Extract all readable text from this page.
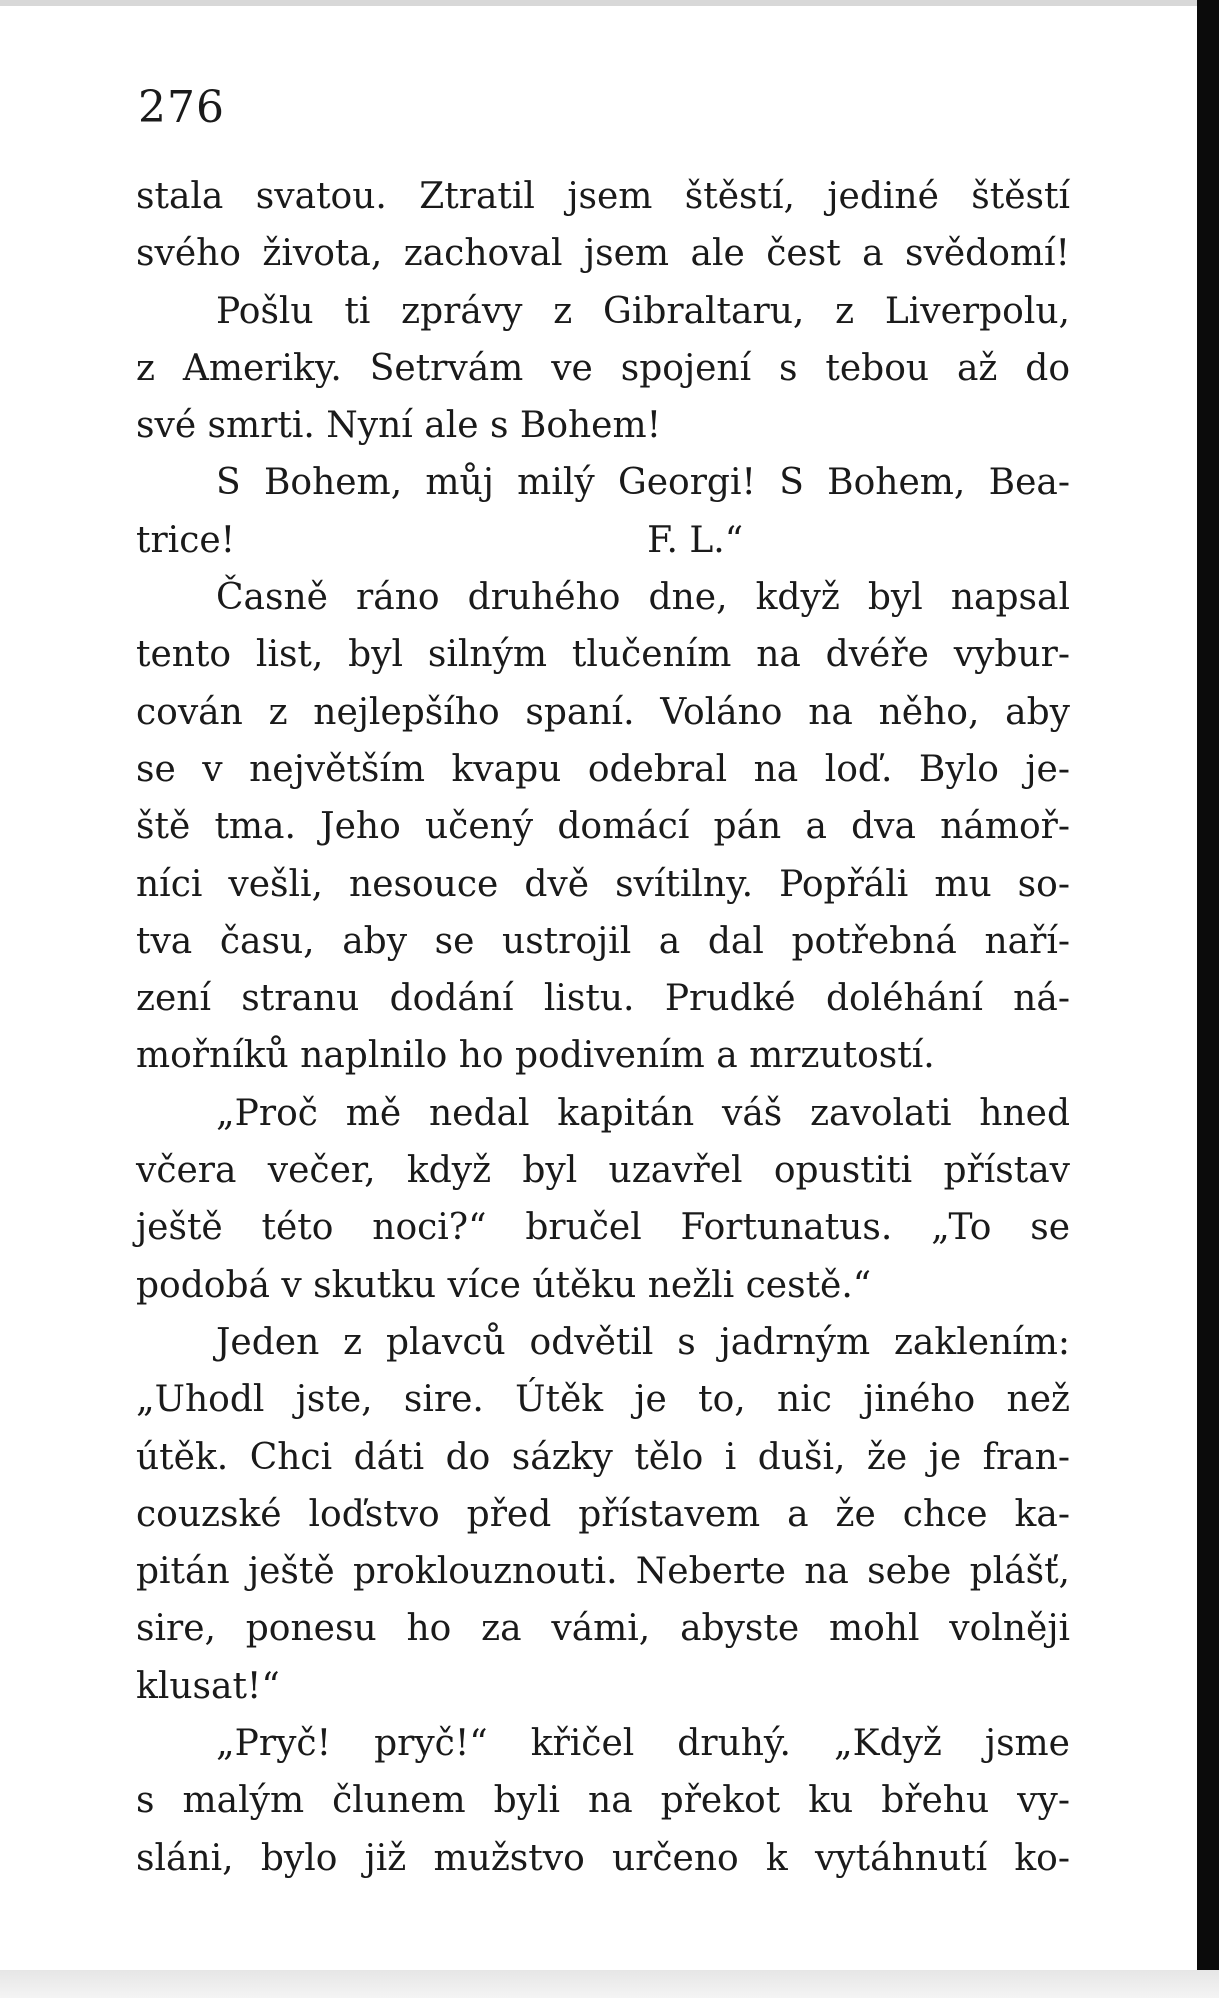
276
stala svatou. Ztratil jsem štěstí, jediné štěstí
svého života, zachoval jsem ale čest a svědomí!
Pošlu ti zprávy z Gibraltaru, z Liverpolu,
z Ameriky. Setrvám ve spojení s tebou až do
své smrti. Nyní ale s Bohem!
S Bohem, můj milý Georgi! S Bohem, Bea-
trice!                                    F. L.“
Časně ráno druhého dne, když byl napsal
tento list, byl silným tlučením na dvéře vybur-
cován z nejlepšího spaní. Voláno na něho, aby
se v největším kvapu odebral na loď. Bylo je-
ště tma. Jeho učený domácí pán a dva námoř-
níci vešli, nesouce dvě svítilny. Popřáli mu so-
tva času, aby se ustrojil a dal potřebná naří-
zení stranu dodání listu. Prudké doléhání ná-
mořníků naplnilo ho podivením a mrzutostí.
„Proč mě nedal kapitán váš zavolati hned
včera večer, když byl uzavřel opustiti přístav
ještě této noci?“ bručel Fortunatus. „To se
podobá v skutku více útěku nežli cestě.“
Jeden z plavců odvětil s jadrným zaklením:
„Uhodl jste, sire. Útěk je to, nic jiného než
útěk. Chci dáti do sázky tělo i duši, že je fran-
couzské loďstvo před přístavem a že chce ka-
pitán ještě proklouznouti. Neberte na sebe plášť,
sire, ponesu ho za vámi, abyste mohl volněji
klusat!“
„Pryč! pryč!“ křičel druhý. „Když jsme
s malým člunem byli na překot ku břehu vy-
sláni, bylo již mužstvo určeno k vytáhnutí ko-
